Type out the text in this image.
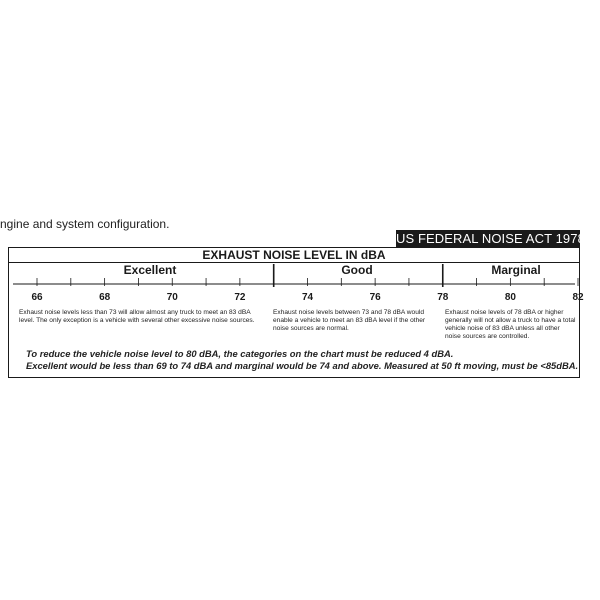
ngine and system configuration.
US FEDERAL NOISE ACT 1978
EXHAUST NOISE LEVEL IN dBA
Excellent	Good	Marginal
66	68	70	72	74	76	78	80	82
Exhaust noise levels less than 73 will allow almost any truck to meet an 83 dBA level. The only exception is a vehicle with several other excessive noise sources.
Exhaust noise levels between 73 and 78 dBA would enable a vehicle to meet an 83 dBA level if the other noise sources are normal.
Exhaust noise levels of 78 dBA or higher generally will not allow a truck to have a total vehicle noise of 83 dBA unless all other noise sources are controlled.
To reduce the vehicle noise level to 80 dBA, the categories on the chart must be reduced 4 dBA.
Excellent would be less than 69 to 74 dBA and marginal would be 74 and above. Measured at 50 ft moving, must be <85dBA.
